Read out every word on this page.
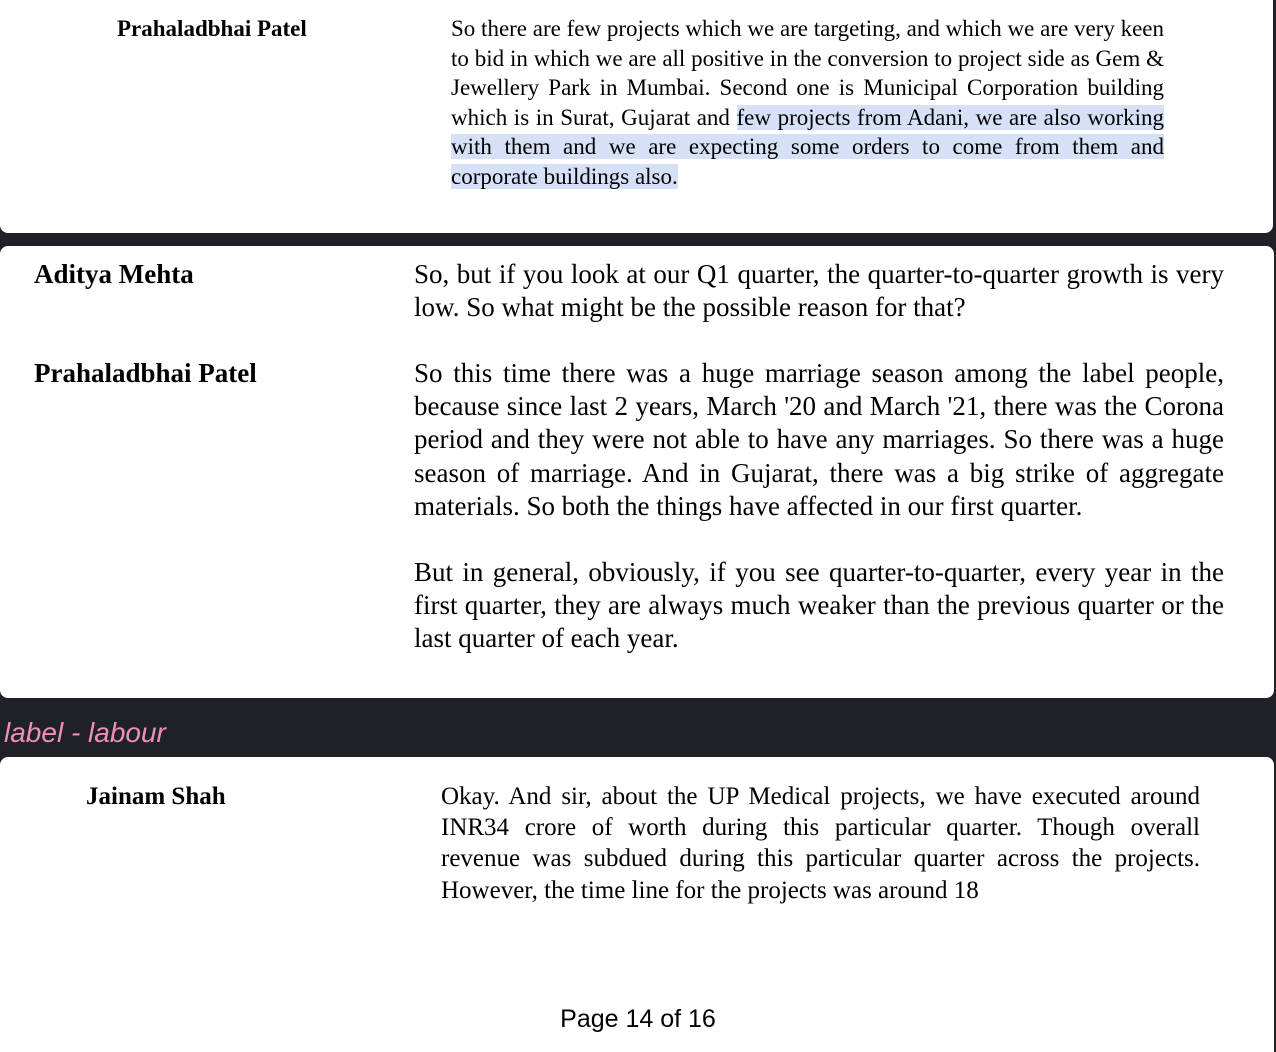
Prahaladbhai Patel	So there are few projects which we are targeting, and which we are very keen to bid in which we are all positive in the conversion to project side as Gem & Jewellery Park in Mumbai. Second one is Municipal Corporation building which is in Surat, Gujarat and few projects from Adani, we are also working with them and we are expecting some orders to come from them and corporate buildings also.

Aditya Mehta	So, but if you look at our Q1 quarter, the quarter-to-quarter growth is very low. So what might be the possible reason for that?

Prahaladbhai Patel	So this time there was a huge marriage season among the label people, because since last 2 years, March '20 and March '21, there was the Corona period and they were not able to have any marriages. So there was a huge season of marriage. And in Gujarat, there was a big strike of aggregate materials. So both the things have affected in our first quarter.

But in general, obviously, if you see quarter-to-quarter, every year in the first quarter, they are always much weaker than the previous quarter or the last quarter of each year.

label - labour

Jainam Shah	Okay. And sir, about the UP Medical projects, we have executed around INR34 crore of worth during this particular quarter. Though overall revenue was subdued during this particular quarter across the projects. However, the time line for the projects was around 18

Page 14 of 16
